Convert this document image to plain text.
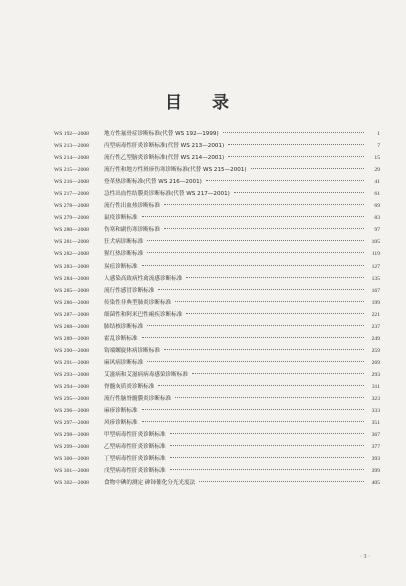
目 录
WS 192—2008	地方性氟骨症诊断标准(代替 WS 192—1999)	1
WS 213—2008	丙型病毒性肝炎诊断标准(代替 WS 213—2001)	7
WS 214—2008	流行性乙型脑炎诊断标准(代替 WS 214—2001)	15
WS 215—2008	流行性和地方性斑疹伤寒诊断标准(代替 WS 215—2001)	29
WS 216—2008	登革热诊断标准(代替 WS 216—2001)	41
WS 217—2008	急性出血性结膜炎诊断标准(代替 WS 217—2001)	61
WS 278—2008	流行性出血热诊断标准	69
WS 279—2008	鼠疫诊断标准	83
WS 280—2008	伤寒和副伤寒诊断标准	97
WS 281—2008	狂犬病诊断标准	105
WS 282—2008	猩红热诊断标准	119
WS 283—2008	炭疽诊断标准	127
WS 284—2008	人感染高致病性禽流感诊断标准	135
WS 285—2008	流行性感冒诊断标准	167
WS 286—2008	传染性非典型肺炎诊断标准	199
WS 287—2008	细菌性和阿米巴性痢疾诊断标准	221
WS 288—2008	肺结核诊断标准	237
WS 289—2008	霍乱诊断标准	249
WS 290—2008	钩端螺旋体病诊断标准	259
WS 291—2008	麻风病诊断标准	269
WS 293—2008	艾滋病和艾滋病病毒感染诊断标准	293
WS 294—2008	脊髓灰质炎诊断标准	311
WS 295—2008	流行性脑脊髓膜炎诊断标准	323
WS 296—2008	麻疹诊断标准	333
WS 297—2008	风疹诊断标准	351
WS 298—2008	甲型病毒性肝炎诊断标准	367
WS 299—2008	乙型病毒性肝炎诊断标准	377
WS 300—2008	丁型病毒性肝炎诊断标准	393
WS 301—2008	戊型病毒性肝炎诊断标准	399
WS 302—2008	食物中碘的测定 砷铈催化分光光度法	405
· 3 ·
